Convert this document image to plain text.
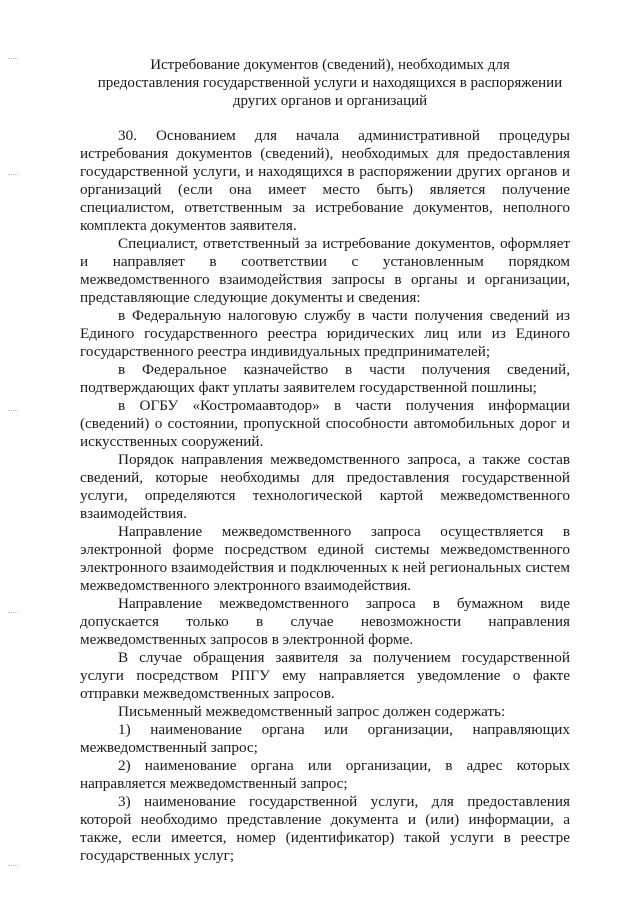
Истребование документов (сведений), необходимых для
предоставления государственной услуги и находящихся в распоряжении
других органов и организаций

30. Основанием для начала административной процедуры истребования документов (сведений), необходимых для предоставления государственной услуги, и находящихся в распоряжении других органов и организаций (если она имеет место быть) является получение специалистом, ответственным за истребование документов, неполного комплекта документов заявителя.

Специалист, ответственный за истребование документов, оформляет и направляет в соответствии с установленным порядком межведомственного взаимодействия запросы в органы и организации, представляющие следующие документы и сведения:

в Федеральную налоговую службу в части получения сведений из Единого государственного реестра юридических лиц или из Единого государственного реестра индивидуальных предпринимателей;

в Федеральное казначейство в части получения сведений, подтверждающих факт уплаты заявителем государственной пошлины;

в ОГБУ «Костромаавтодор» в части получения информации (сведений) о состоянии, пропускной способности автомобильных дорог и искусственных сооружений.

Порядок направления межведомственного запроса, а также состав сведений, которые необходимы для предоставления государственной услуги, определяются технологической картой межведомственного взаимодействия.

Направление межведомственного запроса осуществляется в электронной форме посредством единой системы межведомственного электронного взаимодействия и подключенных к ней региональных систем межведомственного электронного взаимодействия.

Направление межведомственного запроса в бумажном виде допускается только в случае невозможности направления межведомственных запросов в электронной форме.

В случае обращения заявителя за получением государственной услуги посредством РПГУ ему направляется уведомление о факте отправки межведомственных запросов.

Письменный межведомственный запрос должен содержать:

1) наименование органа или организации, направляющих межведомственный запрос;

2) наименование органа или организации, в адрес которых направляется межведомственный запрос;

3) наименование государственной услуги, для предоставления которой необходимо представление документа и (или) информации, а также, если имеется, номер (идентификатор) такой услуги в реестре государственных услуг;
